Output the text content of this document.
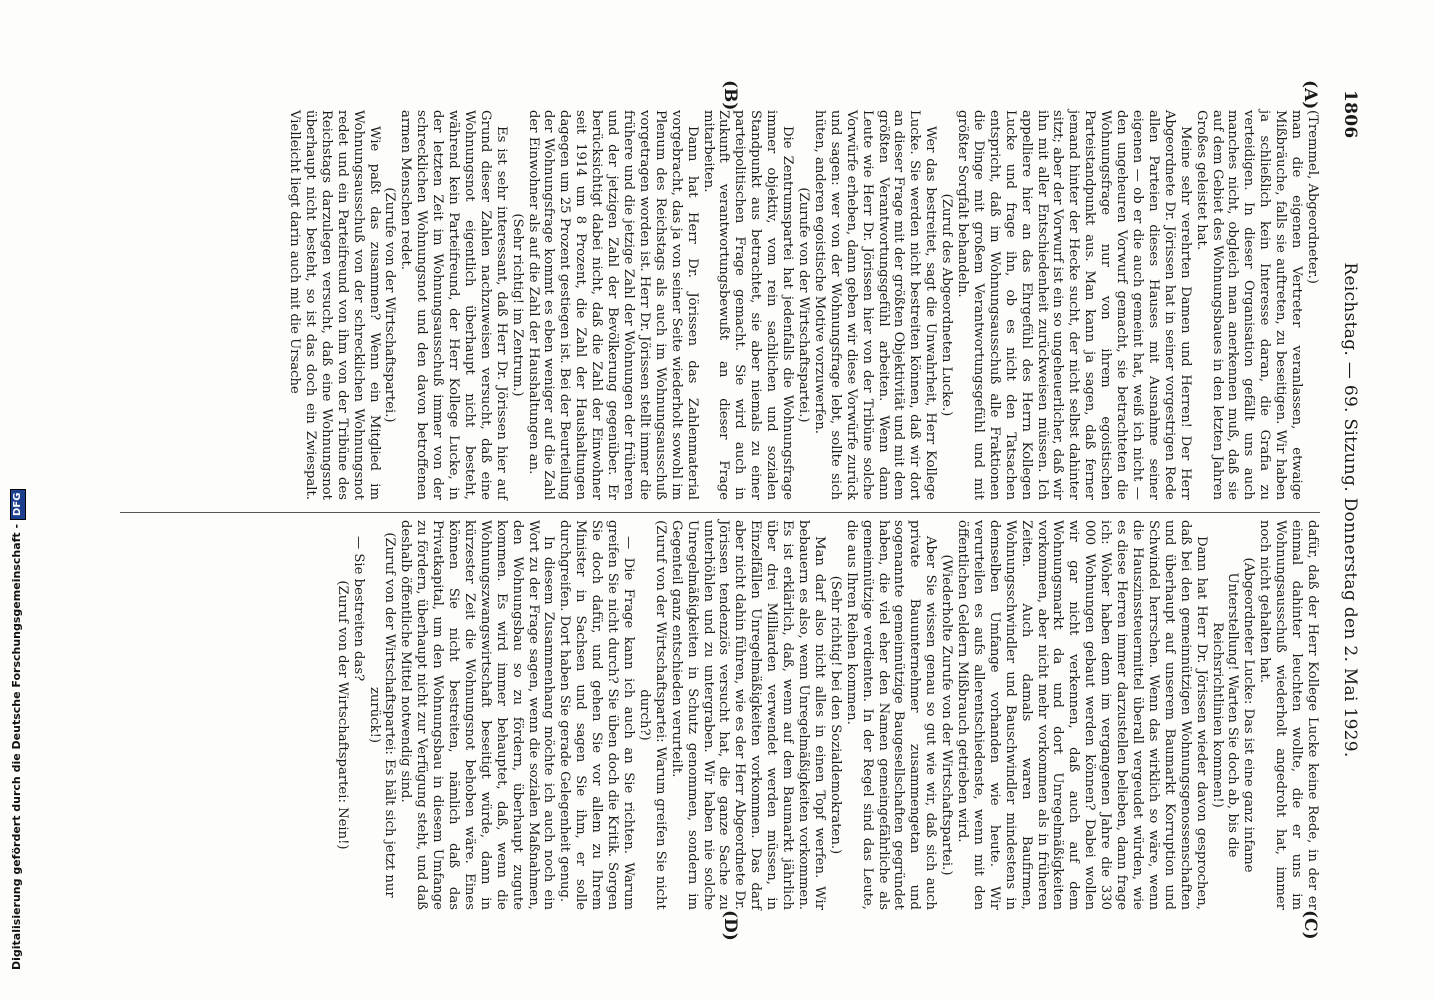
1806
Reichstag. — 69. Sitzung. Donnerstag den 2. Mai 1929.
(A)
(B)
(C)
(D)

(Tremmel, Abgeordneter.)

man die eigenen Vertreter veranlassen, etwaige Mißbräuche, falls sie auftreten, zu beseitigen. Wir haben ja schließlich kein Interesse daran, die Grafia zu verteidigen. In dieser Organisation gefällt uns auch manches nicht, obgleich man anerkennen muß, daß sie auf dem Gebiet des Wohnungsbaues in den letzten Jahren Großes geleistet hat.

Meine sehr verehrten Damen und Herren! Der Herr Abgeordnete Dr. Jörissen hat in seiner vorgestrigen Rede allen Parteien dieses Hauses mit Ausnahme seiner eigenen — ob er die auch gemeint hat, weiß ich nicht — den ungeheuren Vorwurf gemacht, sie betrachteten die Wohnungsfrage nur von ihrem egoistischen Parteistandpunkt aus. Man kann ja sagen, daß ferner jemand hinter der Hecke sucht, der nicht selbst dahinter sitzt; aber der Vorwurf ist ein so ungeheuerlicher, daß wir ihn mit aller Entschiedenheit zurückweisen müssen. Ich appelliere hier an das Ehrgefühl des Herrn Kollegen Lucke und frage ihn, ob es nicht den Tatsachen entspricht, daß im Wohnungsausschuß alle Fraktionen die Dinge mit großem Verantwortungsgefühl und mit größter Sorgfalt behandeln.

(Zuruf des Abgeordneten Lucke.)

Wer das bestreitet, sagt die Unwahrheit, Herr Kollege Lucke. Sie werden nicht bestreiten können, daß wir dort an dieser Frage mit der größten Objektivität und mit dem größten Verantwortungsgefühl arbeiten. Wenn dann Leute wie Herr Dr. Jörissen hier von der Tribüne solche Vorwürfe erheben, dann geben wir diese Vorwürfe zurück und sagen: wer von der Wohnungsfrage lebt, sollte sich hüten, anderen egoistische Motive vorzuwerfen.

(Zurufe von der Wirtschaftspartei.)

Die Zentrumspartei hat jedenfalls die Wohnungsfrage immer objektiv, vom rein sachlichen und sozialen Standpunkt aus betrachtet, sie aber niemals zu einer parteipolitischen Frage gemacht. Sie wird auch in Zukunft verantwortungsbewußt an dieser Frage mitarbeiten.

Dann hat Herr Dr. Jörissen das Zahlenmaterial vorgebracht, das ja von seiner Seite wiederholt sowohl im Plenum des Reichstags als auch im Wohnungsausschuß vorgetragen worden ist. Herr Dr. Jörissen stellt immer die frühere und die jetzige Zahl der Wohnungen der früheren und der jetzigen Zahl der Bevölkerung gegenüber. Er berücksichtigt dabei nicht, daß die Zahl der Einwohner seit 1914 um 8 Prozent, die Zahl der Haushaltungen dagegen um 25 Prozent gestiegen ist. Bei der Beurteilung der Wohnungsfrage kommt es eben weniger auf die Zahl der Einwohner als auf die Zahl der Haushaltungen an.

(Sehr richtig! im Zentrum.)

Es ist sehr interessant, daß Herr Dr. Jörissen hier auf Grund dieser Zahlen nachzuweisen versucht, daß eine Wohnungsnot eigentlich überhaupt nicht besteht, während kein Parteifreund, der Herr Kollege Lucke, in der letzten Zeit im Wohnungsausschuß immer von der schrecklichen Wohnungsnot und den davon betroffenen armen Menschen redet.

(Zurufe von der Wirtschaftspartei.)

Wie paßt das zusammen? Wenn ein Mitglied im Wohnungsausschuß von der schrecklichen Wohnungsnot redet und ein Parteifreund von ihm von der Tribüne des Reichstags darzulegen versucht, daß eine Wohnungsnot überhaupt nicht besteht, so ist das doch ein Zwiespalt. Vielleicht liegt darin auch mit die Ursache

dafür, daß der Herr Kollege Lucke keine Rede, in der er einmal dahinter leuchten wollte, die er uns im Wohnungsausschuß wiederholt angedroht hat, immer noch nicht gehalten hat.

(Abgeordneter Lucke: Das ist eine ganz infame Unterstellung! Warten Sie doch ab, bis die Reichsrichtlinien kommen!)

Dann hat Herr Dr. Jörissen wieder davon gesprochen, daß bei den gemeinnützigen Wohnungsgenossenschaften und überhaupt auf unserem Baumarkt Korruption und Schwindel herrschen. Wenn das wirklich so wäre, wenn die Hauszinssteuermittel überall vergeudet würden, wie es diese Herren immer darzustellen belieben, dann frage ich: Woher haben denn im vergangenen Jahre die 330 000 Wohnungen gebaut werden können? Dabei wollen wir gar nicht verkennen, daß auch auf dem Wohnungsmarkt da und dort Unregelmäßigkeiten vorkommen, aber nicht mehr vorkommen als in früheren Zeiten. Auch damals waren Baufirmen, Wohnungsschwindler und Bauschwindler mindestens in demselben Umfange vorhanden wie heute. Wir verurteilen es aufs allerentschiedenste, wenn mit den öffentlichen Geldern Mißbrauch getrieben wird.

(Wiederholte Zurufe von der Wirtschaftspartei.)

Aber Sie wissen genau so gut wie wir, daß sich auch private Bauunternehmer zusammengetan und sogenannte gemeinnützige Baugesellschaften gegründet haben, die viel eher den Namen gemeingefährliche als gemeinnützige verdienten. In der Regel sind das Leute, die aus Ihren Reihen kommen.

(Sehr richtig! bei den Sozialdemokraten.)

Man darf also nicht alles in einen Topf werfen. Wir bebauern es also, wenn Unregelmäßigkeiten vorkommen. Es ist erklärlich, daß, wenn auf dem Baumarkt jährlich über drei Milliarden verwendet werden müssen, in Einzelfällen Unregelmäßigkeiten vorkommen. Das darf aber nicht dahin führen, wie es der Herr Abgeordnete Dr. Jörissen tendenziös versucht hat, die ganze Sache zu unterhöhlen und zu untergraben. Wir haben nie solche Unregelmäßigkeiten in Schutz genommen, sondern im Gegenteil ganz entschieden verurteilt.

(Zuruf von der Wirtschaftspartei: Warum greifen Sie nicht durch?)

— Die Frage kann ich auch an Sie richten. Warum greifen Sie nicht durch? Sie üben doch die Kritik. Sorgen Sie doch dafür, und gehen Sie vor allem zu Ihrem Minister in Sachsen und sagen Sie ihm, er solle durchgreifen. Dort haben Sie gerade Gelegenheit genug.

In diesem Zusammenhang möchte ich auch noch ein Wort zu der Frage sagen, wenn die sozialen Maßnahmen, den Wohnungsbau so zu fördern, überhaupt zugute kommen. Es wird immer behauptet, daß, wenn die Wohnungszwangswirtschaft beseitigt würde, dann in kürzester Zeit die Wohnungsnot behoben wäre. Eines können Sie nicht bestreiten, nämlich daß das Privatkapital, um den Wohnungsbau in diesem Umfange zu fördern, überhaupt nicht zur Verfügung steht, und daß deshalb öffentliche Mittel notwendig sind.

(Zuruf von der Wirtschaftspartei: Es hält sich jetzt nur zurück!)

— Sie bestreiten das?

(Zuruf von der Wirtschaftspartei: Nein!)

Digitalisierung gefördert durch die Deutsche Forschungsgemeinschaft -DFG
